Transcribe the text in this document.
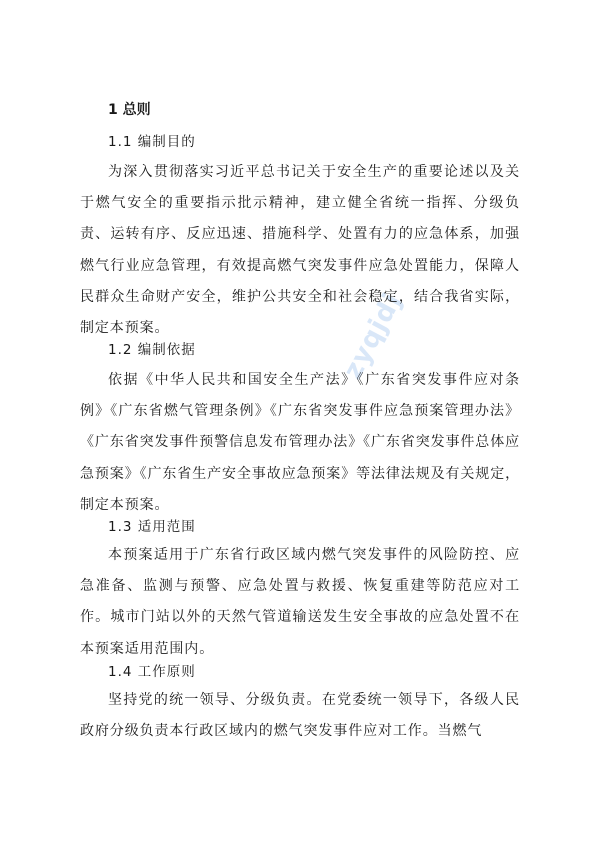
zyqjdj
1 总则
1.1 编制目的

为深入贯彻落实习近平总书记关于安全生产的重要论述以及关于燃气安全的重要指示批示精神，建立健全省统一指挥、分级负责、运转有序、反应迅速、措施科学、处置有力的应急体系，加强燃气行业应急管理，有效提高燃气突发事件应急处置能力，保障人民群众生命财产安全，维护公共安全和社会稳定，结合我省实际，制定本预案。

1.2 编制依据

依据《中华人民共和国安全生产法》《广东省突发事件应对条例》《广东省燃气管理条例》《广东省突发事件应急预案管理办法》《广东省突发事件预警信息发布管理办法》《广东省突发事件总体应急预案》《广东省生产安全事故应急预案》等法律法规及有关规定，制定本预案。

1.3 适用范围

本预案适用于广东省行政区域内燃气突发事件的风险防控、应急准备、监测与预警、应急处置与救援、恢复重建等防范应对工作。城市门站以外的天然气管道输送发生安全事故的应急处置不在本预案适用范围内。

1.4 工作原则

坚持党的统一领导、分级负责。在党委统一领导下，各级人民政府分级负责本行政区域内的燃气突发事件应对工作。当燃气
